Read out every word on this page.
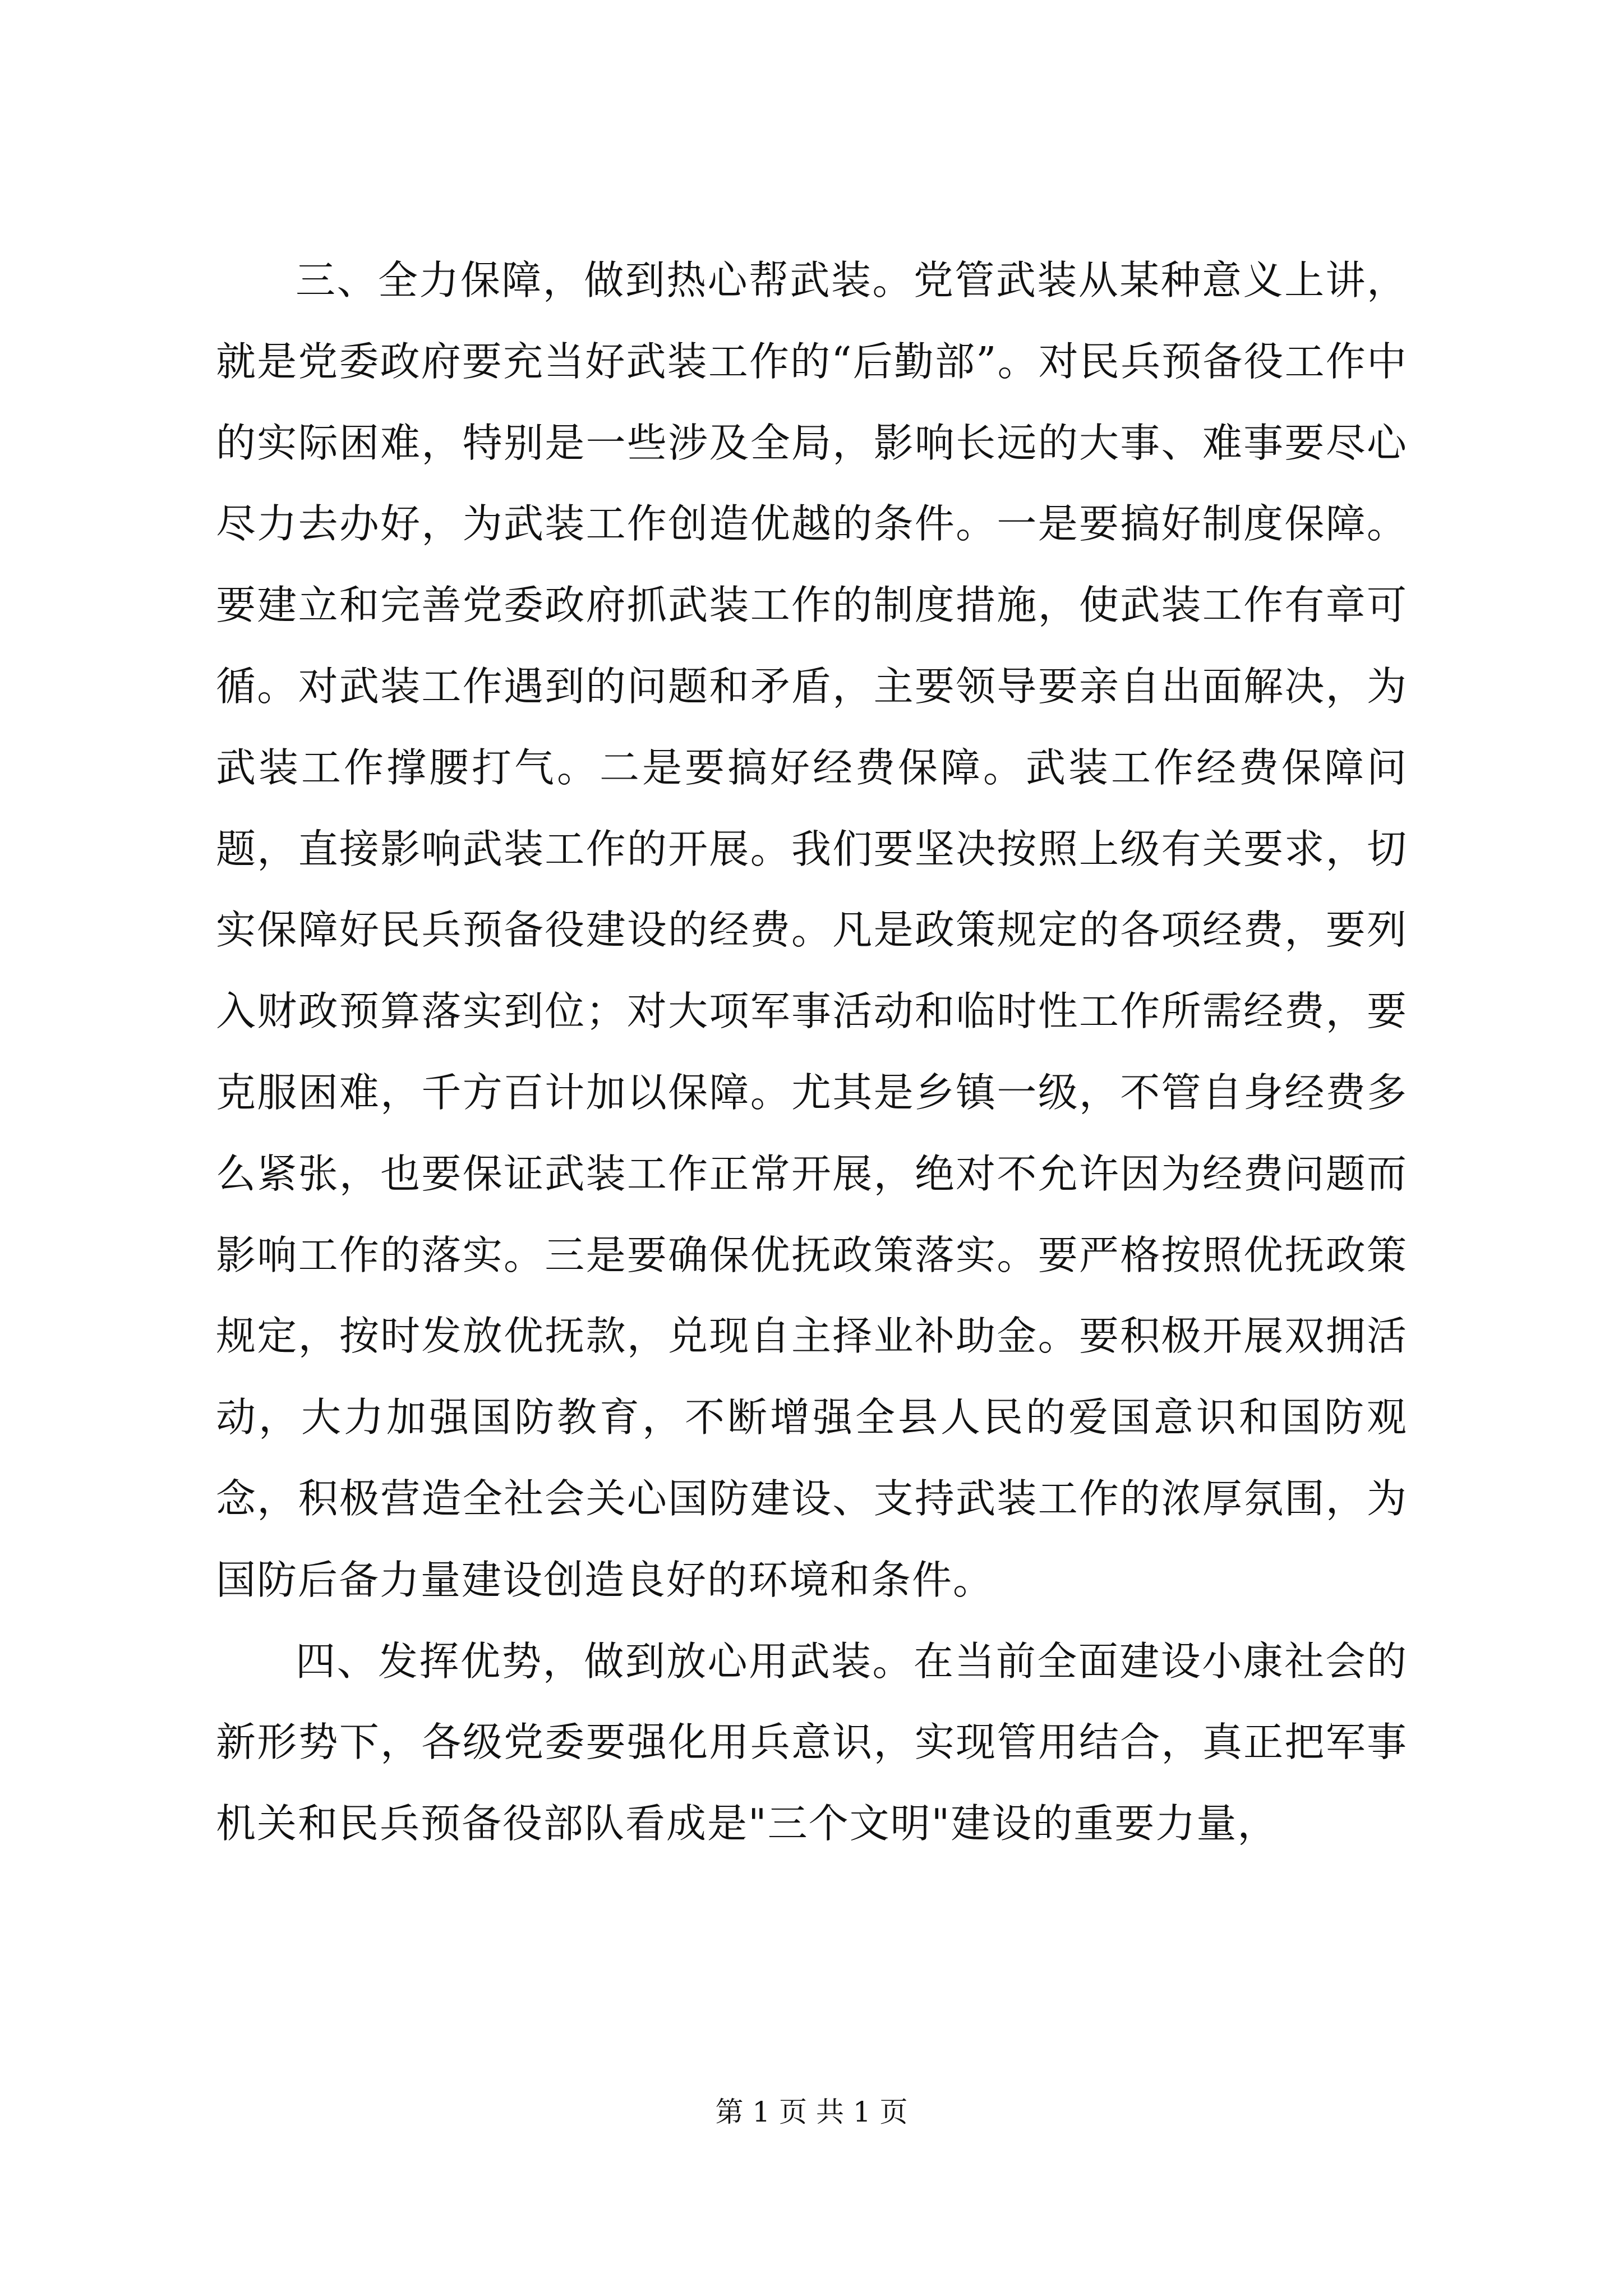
三、全力保障，做到热心帮武装。党管武装从某种意义上讲，就是党委政府要充当好武装工作的“后勤部”。对民兵预备役工作中的实际困难，特别是一些涉及全局，影响长远的大事、难事要尽心尽力去办好，为武装工作创造优越的条件。一是要搞好制度保障。要建立和完善党委政府抓武装工作的制度措施，使武装工作有章可循。对武装工作遇到的问题和矛盾，主要领导要亲自出面解决，为武装工作撑腰打气。二是要搞好经费保障。武装工作经费保障问题，直接影响武装工作的开展。我们要坚决按照上级有关要求，切实保障好民兵预备役建设的经费。凡是政策规定的各项经费，要列入财政预算落实到位；对大项军事活动和临时性工作所需经费，要克服困难，千方百计加以保障。尤其是乡镇一级，不管自身经费多么紧张，也要保证武装工作正常开展，绝对不允许因为经费问题而影响工作的落实。三是要确保优抚政策落实。要严格按照优抚政策规定，按时发放优抚款，兑现自主择业补助金。要积极开展双拥活动，大力加强国防教育，不断增强全县人民的爱国意识和国防观念，积极营造全社会关心国防建设、支持武装工作的浓厚氛围，为国防后备力量建设创造良好的环境和条件。

四、发挥优势，做到放心用武装。在当前全面建设小康社会的新形势下，各级党委要强化用兵意识，实现管用结合，真正把军事机关和民兵预备役部队看成是"三个文明"建设的重要力量，

第 1 页 共 1 页
